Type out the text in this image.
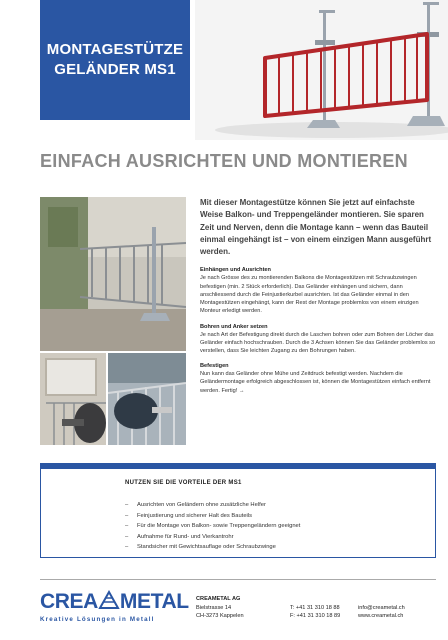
MONTAGESTÜTZE
GELÄNDER MS1
EINFACH AUSRICHTEN UND MONTIEREN

Mit dieser Montagestütze können Sie jetzt auf einfachste Weise Balkon- und Treppengeländer montieren. Sie sparen Zeit und Nerven, denn die Montage kann – wenn das Bauteil einmal eingehängt ist – von einem einzigen Mann ausgeführt werden.

Einhängen und Ausrichten

Je nach Grösse des zu montierenden Balkons die Montagestützen mit Schraubzwingen befestigen (min. 2 Stück erforderlich). Das Geländer einhängen und sichern, dann anschliessend durch die Feinjustierkurbel ausrichten. Ist das Geländer einmal in den Montagestützen eingehängt, kann der Rest der Montage problemlos von einem einzigen Monteur erledigt werden.

Bohren und Anker setzen

Je nach Art der Befestigung direkt durch die Laschen bohren oder zum Bohren der Löcher das Geländer einfach hochschrauben. Durch die 3 Achsen können Sie das Geländer problemlos so verstellen, dass Sie leichten Zugang zu den Bohrungen haben.

Befestigen

Nun kann das Geländer ohne Mühe und Zeitdruck befestigt werden. Nachdem die Geländermontage erfolgreich abgeschlossen ist, können die Montagestützen einfach entfernt werden. Fertig! →

NUTZEN SIE DIE VORTEILE DER MS1
– Ausrichten von Geländern ohne zusätzliche Helfer
– Feinjustierung und sicherer Halt des Bauteils
– Für die Montage von Balkon- sowie Treppengeländern geeignet
– Aufnahme für Rund- und Vierkantrohr
– Standsicher mit Gewichtsauflage oder Schraubzwinge
CREA METAL
Kreative Lösungen in Metall
CREAMETAL AG
Bielstrasse 14
CH-3273 Kappelen

T: +41 31 310 18 88
F: +41 31 310 18 89

info@creametal.ch
www.creametal.ch
